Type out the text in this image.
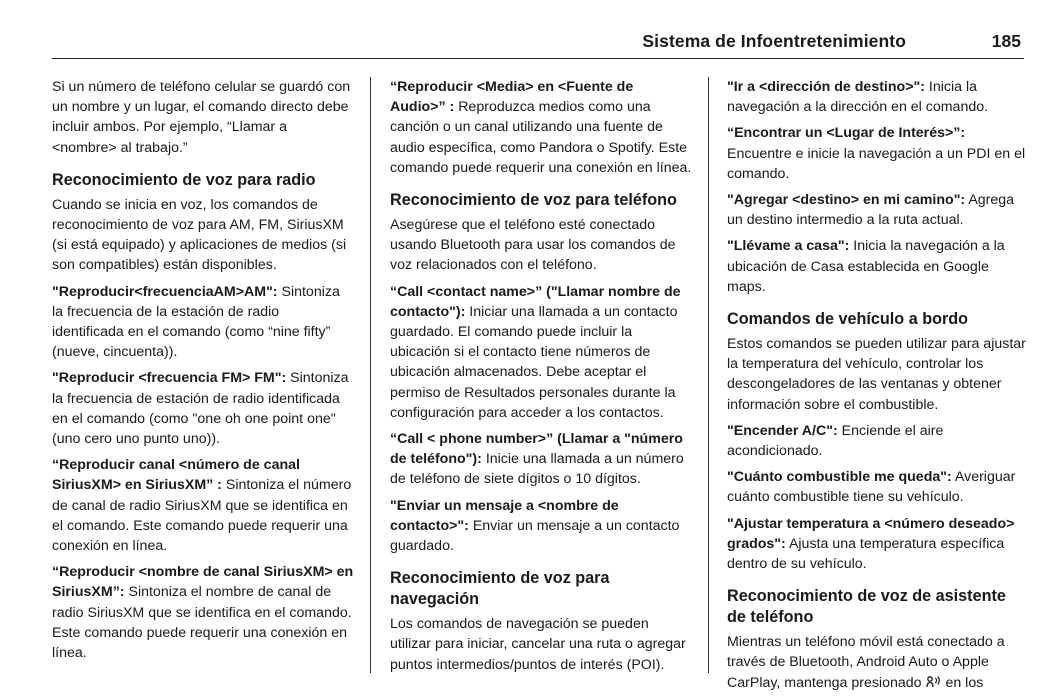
Sistema de Infoentretenimiento	185

Si un número de teléfono celular se guardó con un nombre y un lugar, el comando directo debe incluir ambos. Por ejemplo, “Llamar a <nombre> al trabajo.”

Reconocimiento de voz para radio

Cuando se inicia en voz, los comandos de reconocimiento de voz para AM, FM, SiriusXM (si está equipado) y aplicaciones de medios (si son compatibles) están disponibles.

"Reproducir<frecuenciaAM>AM": Sintoniza la frecuencia de la estación de radio identificada en el comando (como “nine fifty” (nueve, cincuenta)).

"Reproducir <frecuencia FM> FM": Sintoniza la frecuencia de estación de radio identificada en el comando (como "one oh one point one" (uno cero uno punto uno)).

“Reproducir canal <número de canal SiriusXM> en SiriusXM” : Sintoniza el número de canal de radio SiriusXM que se identifica en el comando. Este comando puede requerir una conexión en línea.

“Reproducir <nombre de canal SiriusXM> en SiriusXM”: Sintoniza el nombre de canal de radio SiriusXM que se identifica en el comando. Este comando puede requerir una conexión en línea.

“Reproducir <Media> en <Fuente de Audio>” : Reproduzca medios como una canción o un canal utilizando una fuente de audio específica, como Pandora o Spotify. Este comando puede requerir una conexión en línea.

Reconocimiento de voz para teléfono

Asegúrese que el teléfono esté conectado usando Bluetooth para usar los comandos de voz relacionados con el teléfono.

“Call <contact name>” ("Llamar nombre de contacto"): Iniciar una llamada a un contacto guardado. El comando puede incluir la ubicación si el contacto tiene números de ubicación almacenados. Debe aceptar el permiso de Resultados personales durante la configuración para acceder a los contactos.

“Call < phone number>” (Llamar a "número de teléfono"): Inicie una llamada a un número de teléfono de siete dígitos o 10 dígitos.

"Enviar un mensaje a <nombre de contacto>": Enviar un mensaje a un contacto guardado.

Reconocimiento de voz para navegación

Los comandos de navegación se pueden utilizar para iniciar, cancelar una ruta o agregar puntos intermedios/puntos de interés (POI).

"Ir a <dirección de destino>": Inicia la navegación a la dirección en el comando.

“Encontrar un <Lugar de Interés>”: Encuentre e inicie la navegación a un PDI en el comando.

"Agregar <destino> en mi camino": Agrega un destino intermedio a la ruta actual.

"Llévame a casa": Inicia la navegación a la ubicación de Casa establecida en Google maps.

Comandos de vehículo a bordo

Estos comandos se pueden utilizar para ajustar la temperatura del vehículo, controlar los descongeladores de las ventanas y obtener información sobre el combustible.

"Encender A/C": Enciende el aire acondicionado.

"Cuánto combustible me queda": Averiguar cuánto combustible tiene su vehículo.

"Ajustar temperatura a <número deseado> grados": Ajusta una temperatura específica dentro de su vehículo.

Reconocimiento de voz de asistente de teléfono

Mientras un teléfono móvil está conectado a través de Bluetooth, Android Auto o Apple CarPlay, mantenga presionado en los
